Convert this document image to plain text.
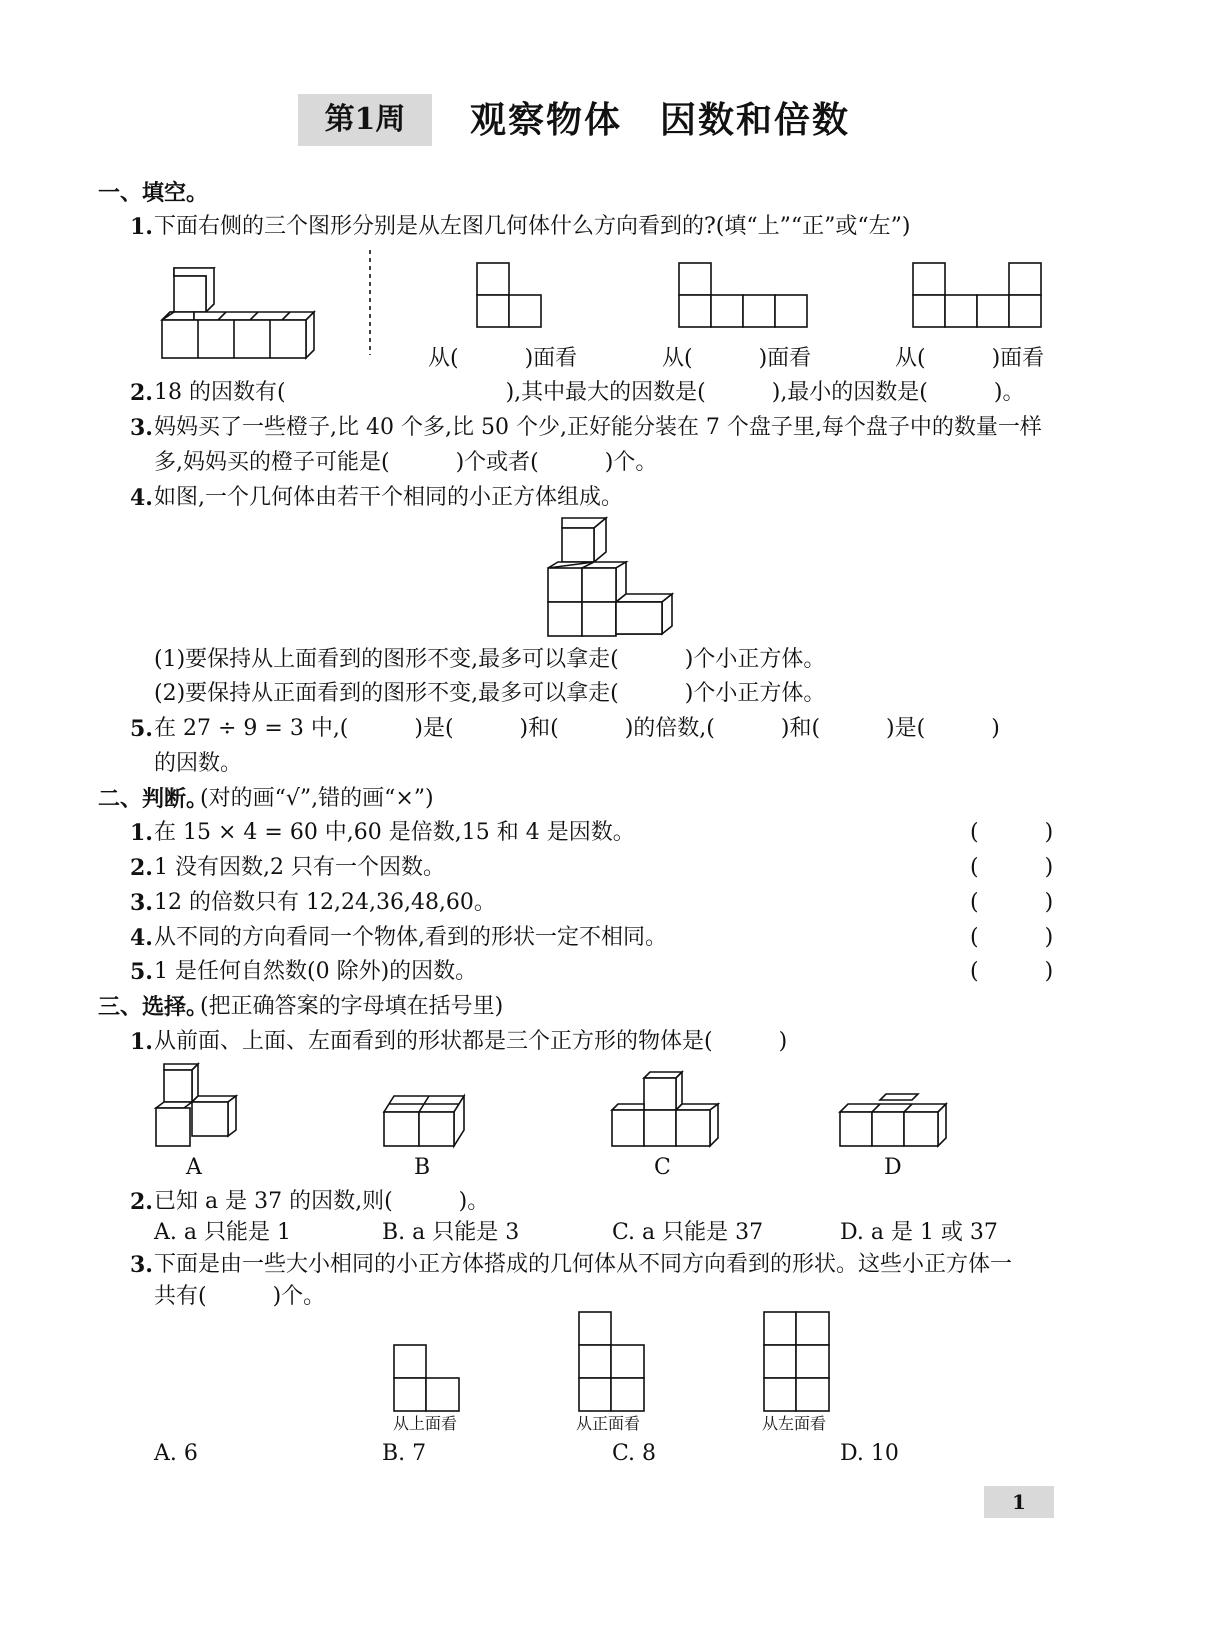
第1周	观察物体　因数和倍数
一、填空。
1. 下面右侧的三个图形分别是从左图几何体什么方向看到的?(填“上”“正”或“左”)
从(　　　)面看	从(　　　)面看	从(　　　)面看
2. 18 的因数有(　　　　　　　　　　),其中最大的因数是(　　　),最小的因数是(　　　)。
3. 妈妈买了一些橙子,比 40 个多,比 50 个少,正好能分装在 7 个盘子里,每个盘子中的数量一样
多,妈妈买的橙子可能是(　　　)个或者(　　　)个。
4. 如图,一个几何体由若干个相同的小正方体组成。
(1)要保持从上面看到的图形不变,最多可以拿走(　　　)个小正方体。
(2)要保持从正面看到的图形不变,最多可以拿走(　　　)个小正方体。
5. 在 27 ÷ 9 = 3 中,(　　　)是(　　　)和(　　　)的倍数,(　　　)和(　　　)是(　　　)
的因数。
二、判断。
(对的画“√”,错的画“×”)
1. 在 15 × 4 = 60 中,60 是倍数,15 和 4 是因数。	(　　　)
2. 1 没有因数,2 只有一个因数。	(　　　)
3. 12 的倍数只有 12,24,36,48,60。	(　　　)
4. 从不同的方向看同一个物体,看到的形状一定不相同。	(　　　)
5. 1 是任何自然数(0 除外)的因数。	(　　　)
三、选择。
(把正确答案的字母填在括号里)
1. 从前面、上面、左面看到的形状都是三个正方形的物体是(　　　)
A	B	C	D
2. 已知 a 是 37 的因数,则(　　　)。
A. a 只能是 1	B. a 只能是 3	C. a 只能是 37	D. a 是 1 或 37
3. 下面是由一些大小相同的小正方体搭成的几何体从不同方向看到的形状。这些小正方体一
共有(　　　)个。
从上面看	从正面看	从左面看
A. 6	B. 7	C. 8	D. 10
1
